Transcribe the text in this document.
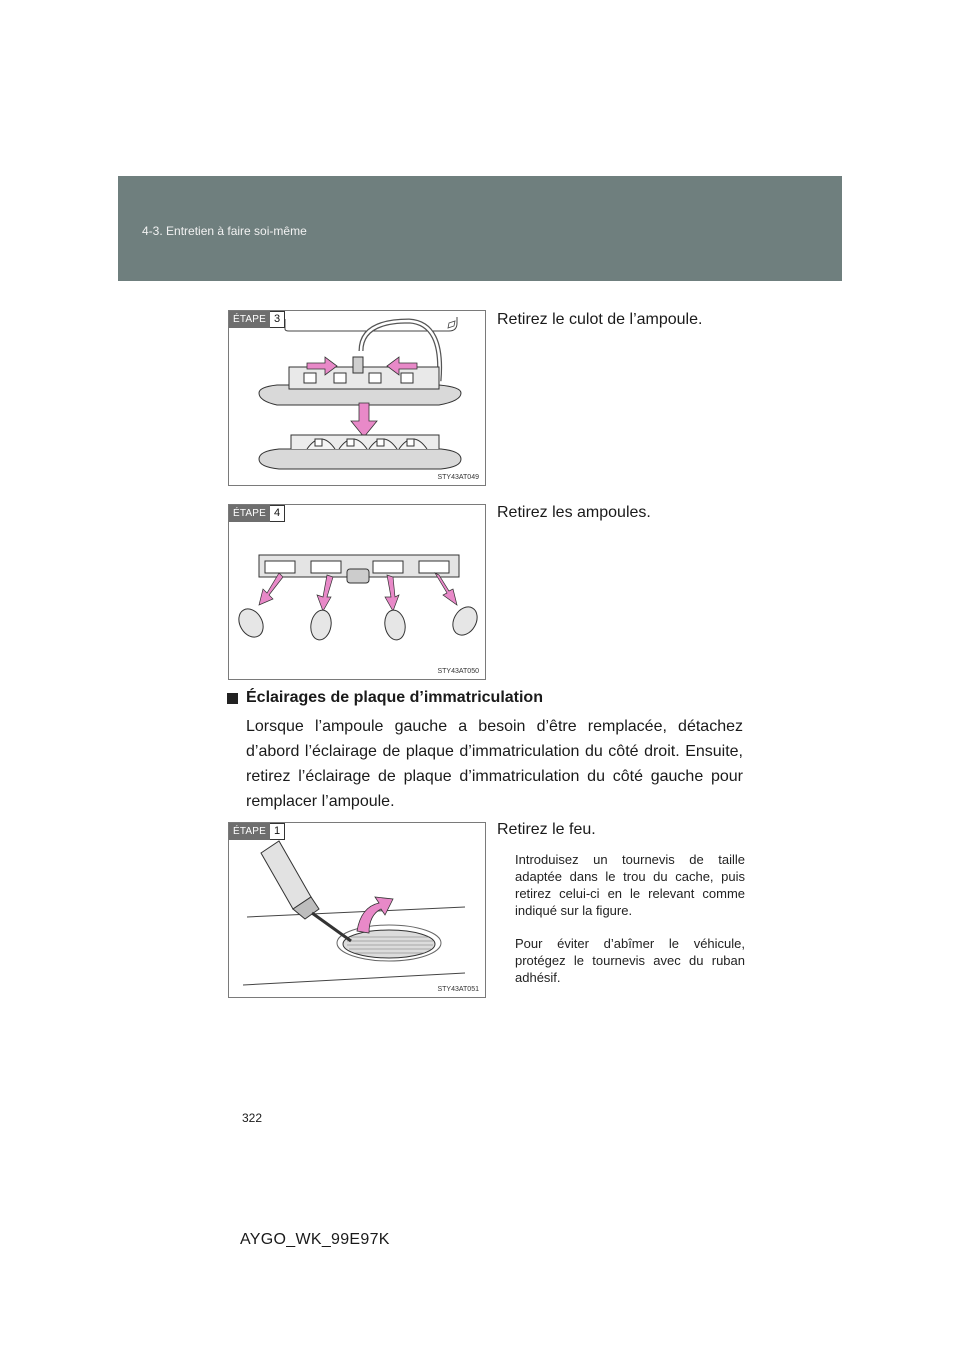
4-3. Entretien à faire soi-même
ÉTAPE 3
STY43AT049
Retirez le culot de l’ampoule.
ÉTAPE 4
STY43AT050
Retirez les ampoules.
Éclairages de plaque d’immatriculation
Lorsque l’ampoule gauche a besoin d’être remplacée, détachez d’abord l’éclairage de plaque d’immatriculation du côté droit. Ensuite, retirez l’éclairage de plaque d’immatriculation du côté gauche pour remplacer l’ampoule.
ÉTAPE 1
STY43AT051
Retirez le feu.
Introduisez un tournevis de taille adaptée dans le trou du cache, puis retirez celui-ci en le relevant comme indiqué sur la figure.
Pour éviter d’abîmer le véhicule, protégez le tournevis avec du ruban adhésif.
322
AYGO_WK_99E97K
